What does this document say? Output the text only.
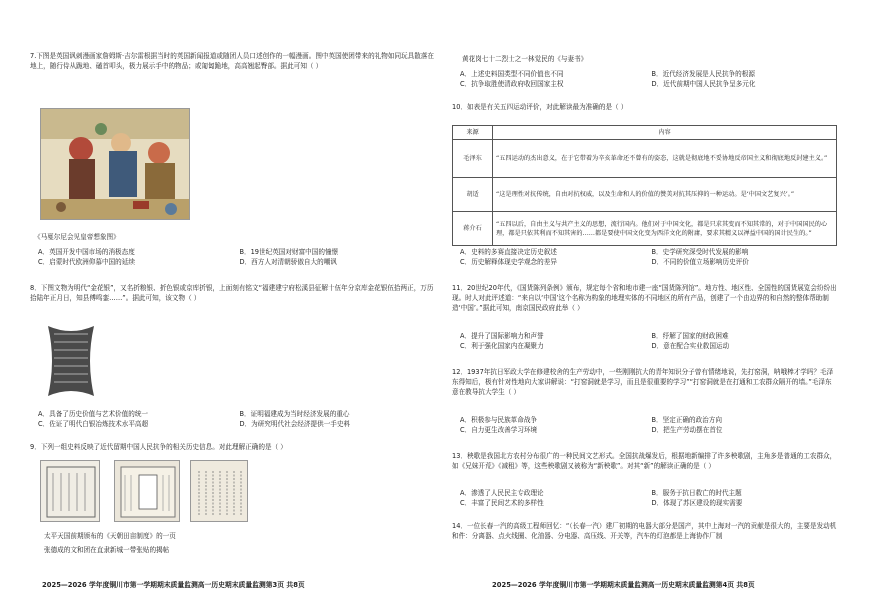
7.下图是英国讽刺漫画家詹姆斯·吉尔雷根据当时的英国新闻报道或随团人员口述创作的一幅漫画。图中英国使团带来的礼物如同玩具散落在地上，随行侍从跪地、磕首叩头，极力展示手中的物品；或匍匐跪地，高高翘起臀部。据此可知（ ）

《马戛尔尼会见皇帝想象图》
A．英国开发中国市场的消极态度	B．19世纪英国对财富中国的憧憬
C．启蒙时代欧洲仰慕中国的延续	D．西方人对清朝骄傲自大的嘲讽

8．下图文物为明代“金花银”，又名折粮银、折色银或京库折银，上面刻有铭文“福建建宁府松溪县征解十伍年分京库金花银伍拾两正，万历拾陆年正月日，知县傅鸣銮……”。据此可知，该文物（ ）

A．具备了历史价值与艺术价值的统一	B．证明福建成为当时经济发展的重心
C．佐证了明代白银冶炼技术水平高超	D．为研究明代社会经济提供一手史料

9．下列一组史料反映了近代留期中国人民抗争的相关历史信息。对此理解正确的是（ ）

太平天国前期颁布的《天朝田亩制度》的一页
张德成的文和团在直隶新城一带张贴的揭帖
2025—2026 学年度铜川市第一学期期末质量监测高一历史期末质量监测第3页 共8页
黄花岗七十二烈士之一林觉民的《与妻书》
A．上述史料国类型不同价值也不同	B．近代经济发展是人民抗争的根源
C．抗争取胜使清政府收回国家主权	D．近代前期中国人民抗争呈多元化

10．如表是有关五四运动评价，对此解读最为准确的是（ ）

来源	内容
毛泽东	“五四运动的杰出意义，在于它带着为辛亥革命还不曾有的姿态，这就是彻底地不妥协地反帝国主义和彻底地反封建主义。”
胡适	“这是理性对抗传统，自由对抗权威，以及生命和人的价值的赞美对抗其压抑的一种运动。是‘中国文艺复兴’。”
蒋介石	“五四以后，自由主义与共产主义的思想，流行国内。他们对于中国文化，都是只求其变而不知其常的，对于中国国民的心理，都是只依其利而不知其害的……都是要使中国文化变为西洋文化的附庸，要求其精义以禅益中国的国计民生的。”
A．史料的多赛直接决定历史叙述	B．史学研究深受时代发展的影响
C．历史解释体现史学观念的差异	D．不同的价值立场影响历史评价

11．20世纪20年代，《国货陈列条例》颁布，规定每个省和地市建一座“国货陈列馆”。地方性、地区性、全国性的国货展览会纷纷出现。时人对此评述道：“来自以‘中国’这个名称为构象的地理实体的不同地区的所有产品，创建了一个由边界的和自然的整体帮助制造‘中国’。”据此可知，南京国民政府此举（ ）

A．提升了国际影响力和声誉	B．纾解了国家的财政困难
C．利于强化国家内在凝聚力	D．意在配合实业救国运动

12．1937年抗日军政大学在修建校舍的生产劳动中，一些刚刚抗大的青年知识分子曾有情绪地说，先打窑洞，呐哦棒才学吗？毛泽东得知后，极有针对性地向大家讲解说：“打窑洞就是学习，而且是很重要的学习”“打窑洞就是在打通和工农群众隔开的墙。”毛泽东意在教导抗大学生（ ）

A．积极参与民族革命战争	B．坚定正确的政治方向
C．自力更生改善学习环境	D．把生产劳动摆在首位

13．秧歌是我国北方农村分布很广的一种民间文艺形式。全国抗战爆发后，根据地新编排了许多秧歌剧，主角多是普通的工农群众，如《兄妹开荒》《减租》等，这些秧歌剧又被称为“新秧歌”。对其“新”的解读正确的是（ ）

A．渗透了人民民主专政理论	B．服务于抗日救亡的时代主题
C．丰富了民间艺术的多样性	D．体现了苏区建设的现实需要

14．一位长春一汽的高级工程师回忆：“（长春一汽）建厂初期的电器大部分是国产，其中上海对一汽的贡献是很大的，主要是发动机和件：分离器、点火线圈、化油器、分电器、高压线、开关等，汽车的灯泡都是上海协作厂制

2025—2026 学年度铜川市第一学期期末质量监测高一历史期末质量监测第4页 共8页
